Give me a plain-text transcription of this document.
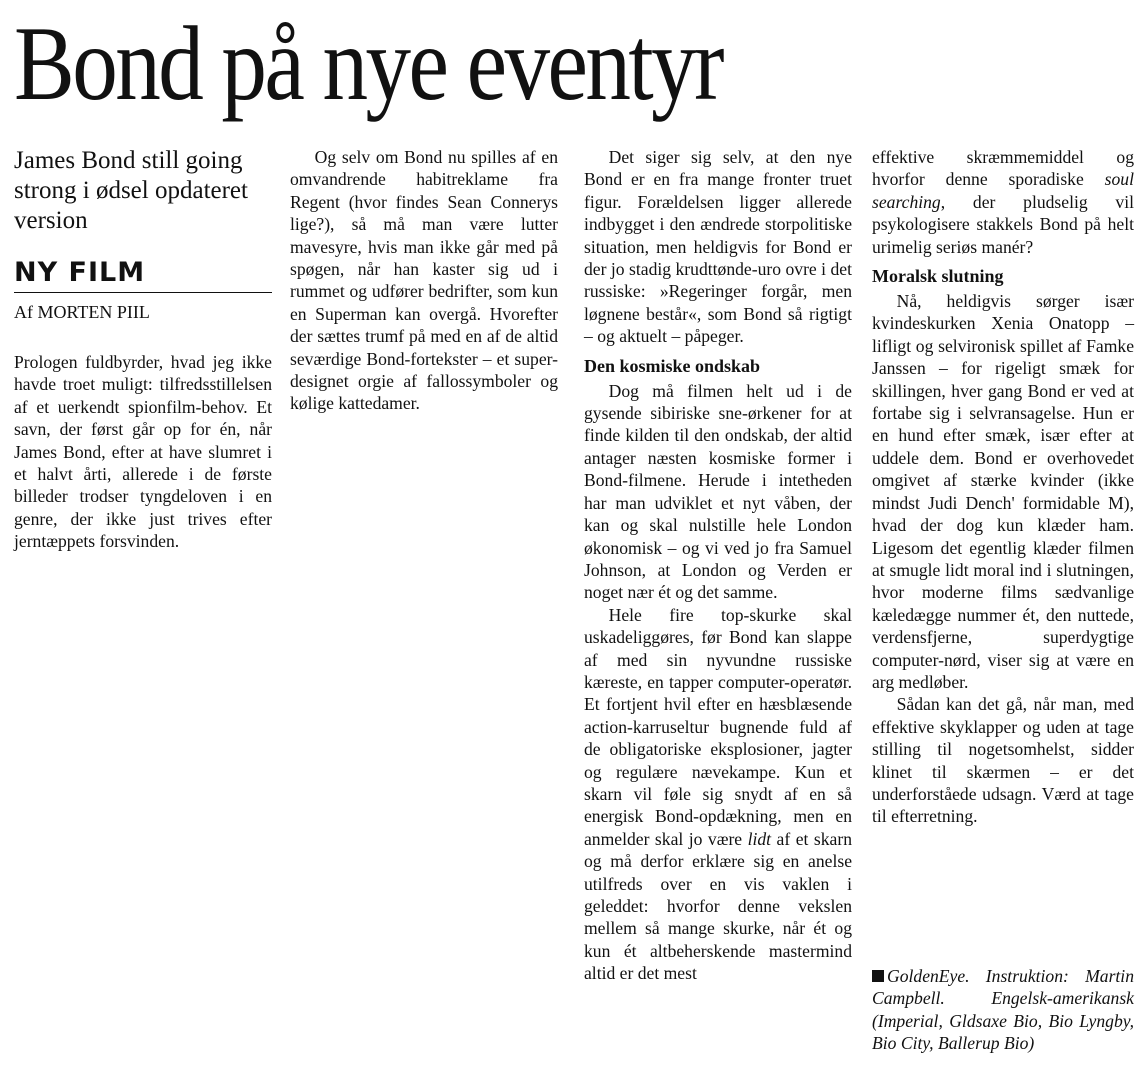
Bond på nye eventyr
James Bond still going strong i ødsel opdateret version
NY FILM
Af MORTEN PIIL

Prologen fuldbyrder, hvad jeg ikke havde troet muligt: tilfredsstillelsen af et uerkendt spionfilm-behov. Et savn, der først går op for én, når James Bond, efter at have slumret i et halvt årti, allerede i de første billeder trodser tyngdeloven i en genre, der ikke just trives efter jerntæppets forsvinden.

Og selv om Bond nu spilles af en omvandrende habitreklame fra Regent (hvor findes Sean Connerys lige?), så må man være lutter mavesyre, hvis man ikke går med på spøgen, når han kaster sig ud i rummet og udfører bedrifter, som kun en Superman kan overgå. Hvorefter der sættes trumf på med en af de altid seværdige Bond-fortekster – et super-designet orgie af fallossymboler og kølige kattedamer.

Det siger sig selv, at den nye Bond er en fra mange fronter truet figur. Forældelsen ligger allerede indbygget i den ændrede storpolitiske situation, men heldigvis for Bond er der jo stadig krudttønde-uro ovre i det russiske: »Regeringer forgår, men løgnene består«, som Bond så rigtigt – og aktuelt – påpeger.

Den kosmiske ondskab

Dog må filmen helt ud i de gysende sibiriske sne-ørkener for at finde kilden til den ondskab, der altid antager næsten kosmiske former i Bond-filmene. Herude i intetheden har man udviklet et nyt våben, der kan og skal nulstille hele London økonomisk – og vi ved jo fra Samuel Johnson, at London og Verden er noget nær ét og det samme.

Hele fire top-skurke skal uskadeliggøres, før Bond kan slappe af med sin nyvundne russiske kæreste, en tapper computer-operatør. Et fortjent hvil efter en hæsblæsende action-karruseltur bugnende fuld af de obligatoriske eksplosioner, jagter og regulære nævekampe. Kun et skarn vil føle sig snydt af en så energisk Bond-opdækning, men en anmelder skal jo være lidt af et skarn og må derfor erklære sig en anelse utilfreds over en vis vaklen i geleddet: hvorfor denne vekslen mellem så mange skurke, når ét og kun ét altbeherskende mastermind altid er det mest

effektive skræmmemiddel og hvorfor denne sporadiske soul searching, der pludselig vil psykologisere stakkels Bond på helt urimelig seriøs manér?

Moralsk slutning

Nå, heldigvis sørger især kvindeskurken Xenia Onatopp – lifligt og selvironisk spillet af Famke Janssen – for rigeligt smæk for skillingen, hver gang Bond er ved at fortabe sig i selvransagelse. Hun er en hund efter smæk, især efter at uddele dem. Bond er overhovedet omgivet af stærke kvinder (ikke mindst Judi Dench' formidable M), hvad der dog kun klæder ham. Ligesom det egentlig klæder filmen at smugle lidt moral ind i slutningen, hvor moderne films sædvanlige kæledægge nummer ét, den nuttede, verdensfjerne, superdygtige computer-nørd, viser sig at være en arg medløber.

Sådan kan det gå, når man, med effektive skyklapper og uden at tage stilling til nogetsomhelst, sidder klinet til skærmen – er det underforståede udsagn. Værd at tage til efterretning.

GoldenEye. Instruktion: Martin Campbell. Engelsk-amerikansk (Imperial, Gldsaxe Bio, Bio Lyngby, Bio City, Ballerup Bio)
